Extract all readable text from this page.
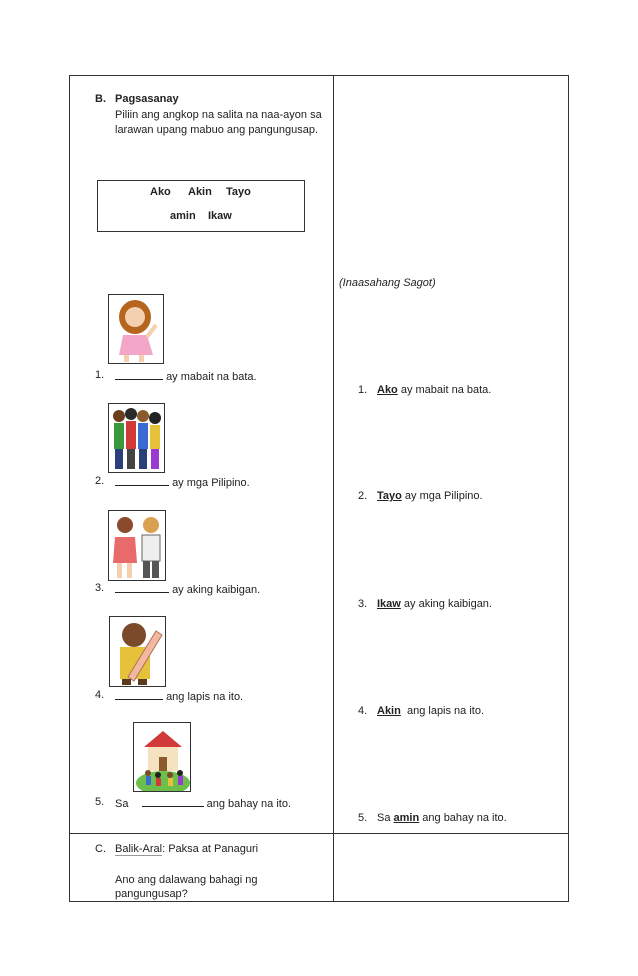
B. Pagsasanay
Piliin ang angkop na salita na naa-ayon sa
larawan upang mabuo ang pangungusap.
Ako Akin Tayo
amin Ikaw
1.	ay mabait na bata.
2.	ay mga Pilipino.
3.	ay aking kaibigan.
4.	ang lapis na ito.
5. Sa	ang bahay na ito.
(Inaasahang Sagot)
1. Ako ay mabait na bata.
2. Tayo ay mga Pilipino.
3. Ikaw ay aking kaibigan.
4. Akin ang lapis na ito.
5. Sa amin ang bahay na ito.
C. Balik-Aral: Paksa at Panaguri
Ano ang dalawang bahagi ng
pangungusap?
